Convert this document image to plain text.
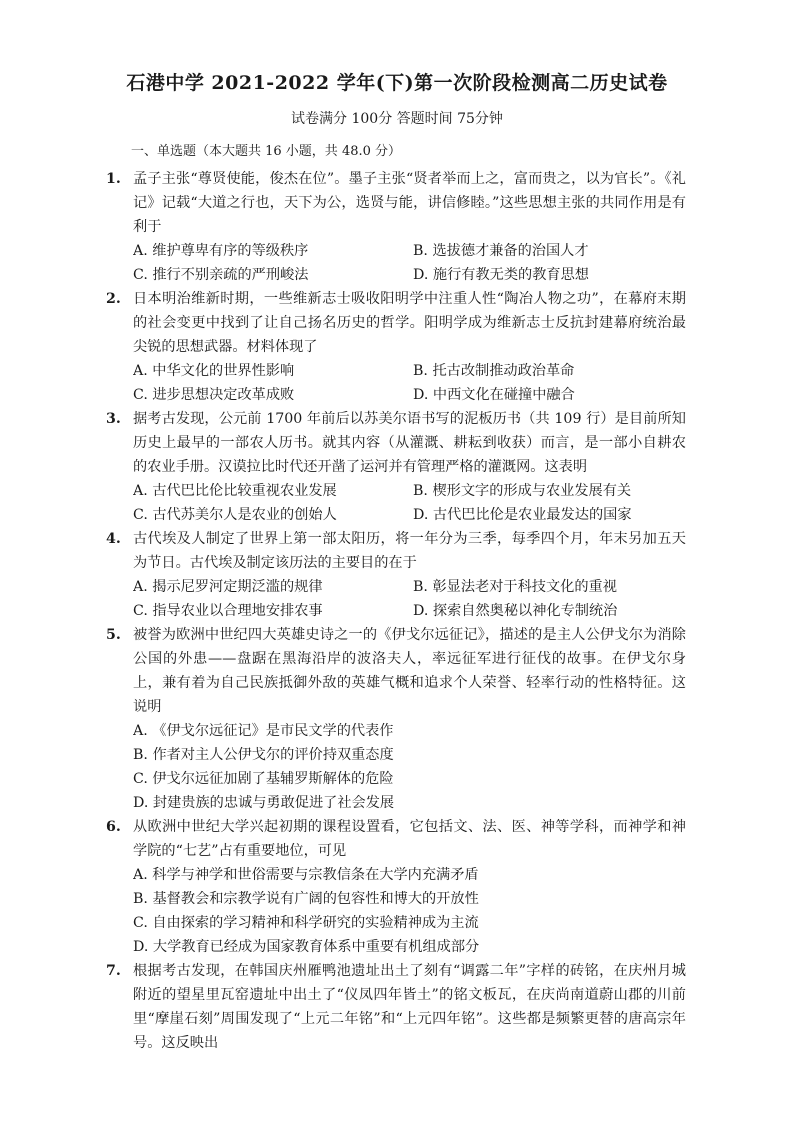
石港中学 2021-2022 学年(下)第一次阶段检测高二历史试卷
试卷满分 100分 答题时间 75分钟
一、单选题（本大题共 16 小题，共 48.0 分）
1. 孟子主张“尊贤使能，俊杰在位”。墨子主张“贤者举而上之，富而贵之，以为官长”。《礼记》记载“大道之行也，天下为公，选贤与能，讲信修睦。”这些思想主张的共同作用是有利于
A. 维护尊卑有序的等级秩序	B. 选拔德才兼备的治国人才
C. 推行不别亲疏的严刑峻法	D. 施行有教无类的教育思想
2. 日本明治维新时期，一些维新志士吸收阳明学中注重人性“陶冶人物之功”，在幕府末期的社会变更中找到了让自己扬名历史的哲学。阳明学成为维新志士反抗封建幕府统治最尖锐的思想武器。材料体现了
A. 中华文化的世界性影响	B. 托古改制推动政治革命
C. 进步思想决定改革成败	D. 中西文化在碰撞中融合
3. 据考古发现，公元前 1700 年前后以苏美尔语书写的泥板历书（共 109 行）是目前所知历史上最早的一部农人历书。就其内容（从灌溉、耕耘到收获）而言，是一部小自耕农的农业手册。汉谟拉比时代还开凿了运河并有管理严格的灌溉网。这表明
A. 古代巴比伦比较重视农业发展	B. 楔形文字的形成与农业发展有关
C. 古代苏美尔人是农业的创始人	D. 古代巴比伦是农业最发达的国家
4. 古代埃及人制定了世界上第一部太阳历，将一年分为三季，每季四个月，年末另加五天为节日。古代埃及制定该历法的主要目的在于
A. 揭示尼罗河定期泛滥的规律	B. 彰显法老对于科技文化的重视
C. 指导农业以合理地安排农事	D. 探索自然奥秘以神化专制统治
5. 被誉为欧洲中世纪四大英雄史诗之一的《伊戈尔远征记》，描述的是主人公伊戈尔为消除公国的外患——盘踞在黑海沿岸的波洛夫人，率远征军进行征伐的故事。在伊戈尔身上，兼有着为自己民族抵御外敌的英雄气概和追求个人荣誉、轻率行动的性格特征。这说明
A. 《伊戈尔远征记》是市民文学的代表作
B. 作者对主人公伊戈尔的评价持双重态度
C. 伊戈尔远征加剧了基辅罗斯解体的危险
D. 封建贵族的忠诚与勇敢促进了社会发展
6. 从欧洲中世纪大学兴起初期的课程设置看，它包括文、法、医、神等学科，而神学和神学院的“七艺”占有重要地位，可见
A. 科学与神学和世俗需要与宗教信条在大学内充满矛盾
B. 基督教会和宗教学说有广阔的包容性和博大的开放性
C. 自由探索的学习精神和科学研究的实验精神成为主流
D. 大学教育已经成为国家教育体系中重要有机组成部分
7. 根据考古发现，在韩国庆州雁鸭池遗址出土了刻有“调露二年”字样的砖铭，在庆州月城附近的望星里瓦窑遗址中出土了“仪凤四年皆土”的铭文板瓦，在庆尚南道蔚山郡的川前里“摩崖石刻”周围发现了“上元二年铭”和“上元四年铭”。这些都是频繁更替的唐高宗年号。这反映出
